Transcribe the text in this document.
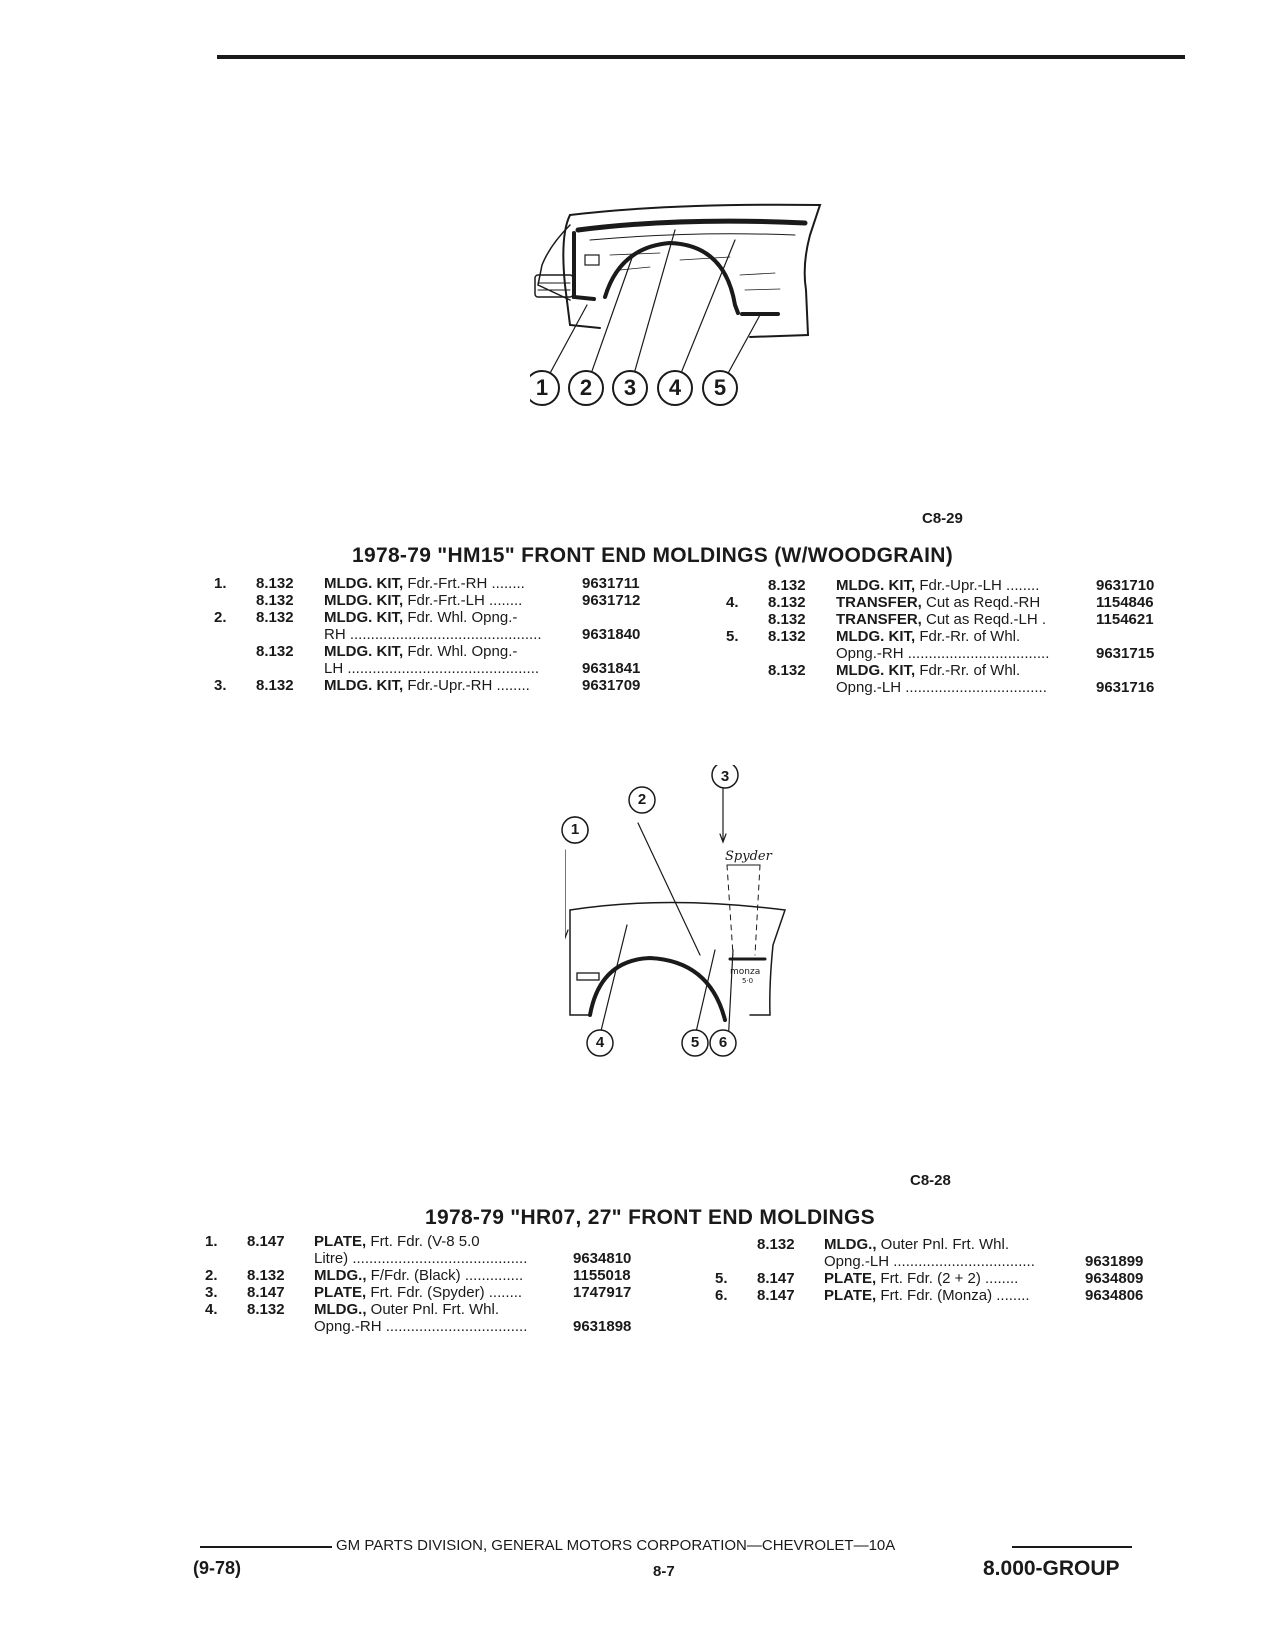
1 2 3 4 5
C8-29
1978-79 "HM15" FRONT END MOLDINGS (W/WOODGRAIN)
1. 8.132 MLDG. KIT, Fdr.-Frt.-RH ........	9631711
8.132 MLDG. KIT, Fdr.-Frt.-LH ........	9631712
2. 8.132 MLDG. KIT, Fdr. Whl. Opng.-
RH ..............................................	9631840
8.132 MLDG. KIT, Fdr. Whl. Opng.-
LH ..............................................	9631841
3. 8.132 MLDG. KIT, Fdr.-Upr.-RH ........	9631709
8.132 MLDG. KIT, Fdr.-Upr.-LH ........	9631710
4. 8.132 TRANSFER, Cut as Reqd.-RH	1154846
8.132 TRANSFER, Cut as Reqd.-LH .	1154621
5. 8.132 MLDG. KIT, Fdr.-Rr. of Whl.
Opng.-RH ..................................	9631715
8.132 MLDG. KIT, Fdr.-Rr. of Whl.
Opng.-LH ..................................	9631716
monza
5·0
Spyder
1
2
3
4	5	6
C8-28
1978-79 "HR07, 27" FRONT END MOLDINGS
1. 8.147 PLATE, Frt. Fdr. (V-8 5.0
Litre) ..........................................	9634810
2. 8.132 MLDG., F/Fdr. (Black) ..............	1155018
3. 8.147 PLATE, Frt. Fdr. (Spyder) ........	1747917
4. 8.132 MLDG., Outer Pnl. Frt. Whl.
Opng.-RH ..................................	9631898
8.132 MLDG., Outer Pnl. Frt. Whl.
Opng.-LH ..................................	9631899
5. 8.147 PLATE, Frt. Fdr. (2 + 2) ........	9634809
6. 8.147 PLATE, Frt. Fdr. (Monza) ........	9634806
GM PARTS DIVISION, GENERAL MOTORS CORPORATION—CHEVROLET—10A
(9-78)	8-7	8.000-GROUP
